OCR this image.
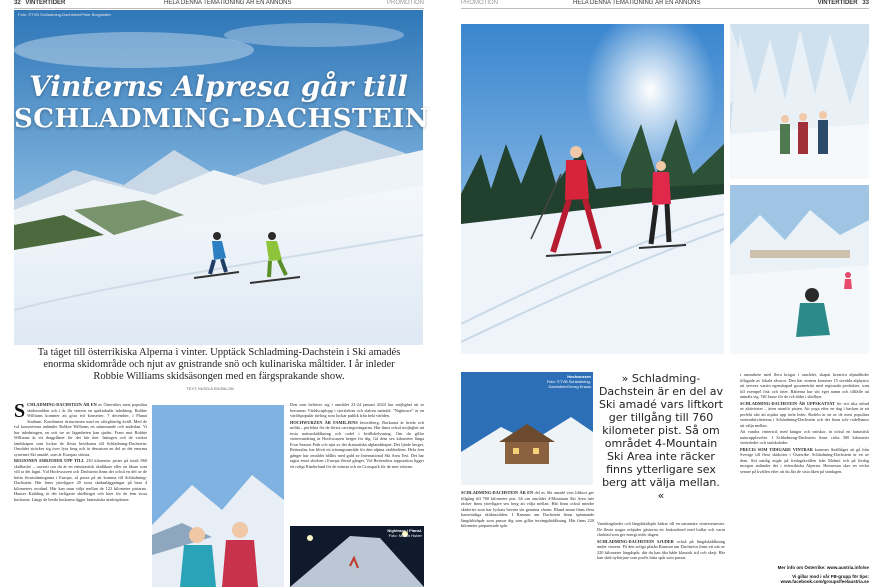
32 VINTERTIDER	HELA DENNA TEMATIONING ÄR EN ANNONS	PROMOTION
Foto: ©TVB Schladming-Dachstein/Peter Burgstaller
Vinterns Alpresa går till
SCHLADMING-DACHSTEIN
Ta táget till österrikiska Alperna i vinter. Upptäck Schladming-Dachstein i Ski amadés enorma skidområde och njut av gnistrande snö och kulinariska måltider. I år inleder Robbie Williams skidsäsongen med en färgsprakande show.
TEXT: INGELA ENGBLOM

SCHLADMING-DACHSTEIN ÄR EN av Österrikes mest populära skidområden och i år får vintern en spektakulär inledning. Robbie Williams kommer att göra två konserter, 7 december, i Planai Stadium. Kombinera skiturismen med en oförglömlig kväll. Med de två konserterna anländer Robbie Williams en stämmande och anderlan. Vi har inledningen, en svit tre av lägenheten kan sjudet. Fram mot Robbie Williams är ett dragplåster för det här året. Intingen och de vackra landskapen som lockar de flesta besökarna till Schladming-Dachstein. Området sträcker sig över fyra berg och är dessutom en del av det enorma systemet Ski amadé, som är Europas största.

REGIONEN ERBJUDER UPP TILL 230 kilometer pister på totalt 860 skidbacke – oavsett om du är en entusiastisk skidåkare eller en åkare som vill ta det lugnt. Vid Hochwurzen och Dachstein finns det också en del av de bästa förutsättningarna i Europa, så passa på att komma till Schladming-Dachstein. Här finns ytterligare 20 stora skidanläggningar på bara 4 kilometers avstånd. Här kan man välja mellan de 123 kilometer pistarna. Hauser Kaibling är det farligaste skidberget och köer för de fem stora backarna. Längs de breda backarna ligger fantastiska utsiktsplatser.

Den som behöver sig i området 23-24 januari 2024 har möjlighet att se herrarnas Världscuplopp i storslalom och slalom nattetid. "Nightrace" är en världspopulär tävling som lockar publik från hela världen.

HOCHWURZEN ÄR FAMILJENS favoritberg. Backarna är breda och milda – perfekta för de första carvingsvängarna. Här finns också möjlighet att testa natturskidåkning och rodel i kvällsbelysning. Om du gillar vintervandring är Hochwurzen berget för dig. Gå dem sex kilometer långa Four Season Path och njut av det dramatiska alplandskapet. Det fjärde berget, Reiteralm, har blivit ett träningsområde för den alpina världseliten. Hela fem gånger har området hållits med guld av International Ski Area Test. Det har tagits emot skidorn i Europa flertal gånger. Vid Reiteralms toppstation ligger ett roligt Kinderland för de minsta och en Crosspark för de mer erfarna.

Nightrace i Planai.
Foto: Martin Huber
PROMOTION	HELA DENNA TEMATIONING ÄR EN ANNONS	VINTERTIDER 33
Hochwurzen
Foto: ©TVB Schladming-Dachstein/Georg Knaus
» Schladming-Dachstein är en del av Ski amadé vars liftkort ger tillgång till 760 kilometer pist. Så om området 4-Mountain Ski Area inte räcker finns ytterligare sex berg att välja mellan. «

SCHLADMING-DACHSTEIN ÄR EN del av Ski amadé vars liftkort ger tillgång till 760 kilometer pist. Så om området 4-Mountain Ski Area inte räcker finns ytterligare sex berg att välja mellan. Här finns också mindre skidorter som har lyckats bevara sin genuina charm. Bland annat finns flera barnvänliga skidområden. I Ramsau am Dachstein finns spännande längdskidspår som passar dig som gillar terrängskidåkning. Här finns 220 kilometer preparerade spår.	Vandringsleder och längdskidspår bidrar till en naturnära vintersemester. De flesta stugor erbjuder gästerna ett frukostbord med bullar och varm choklad som ger energi inför dagen.

SCHLADMING-DACHSTEIN SJUDER också på längdskidåkning under vintern. På den soliga platån Ramsau am Dachstein finns ett nät av 220 kilometer längdspår, där du kan åka både klassisk stil och skejt. Här kan skid nybörjare som proffs hitta spår som passar.

i samarbete med flera krogar i området, skapat kreativa alpmåltider tillagade av lokala råvaror. Den här vintern kommer 15 utvalda alphyttor att servera varsin egenskapad gourmeträtt med regionala produkter, som till exempel fisk och örter. Rätterna har sitt eget namn och tillfälle att anmäla sig. Till Jause för de två äldre i skidbyn.

SCHLADMING-DACHSTEIN ÄR UPPSKATTAT för sitt rika utbud av aktiviteter – även utanför pisten. Att yoga efter en dag i backen är ett perfekt sätt att mjuka upp stela leder. Rodeln är en av de mest populära vinteraktiviteterna i Schladming-Dachstein och det finns tolv rodelbanor att välja mellan.

Att vandra vinterstil, med kängor och snöskor, är också en fantastisk naturupplevelse. I Schladming-Dachstein finns cirka 300 kilometer vinterleder och snöskoleder.

PRECIS SOM TIDIGARE VINTRAR kommer Snälltåget att gå från Sverige till flera skidorter i Österrike. Schladming-Dachstein är en av dem. Sitt nattåg avgår på fredagskvällen från Malmö och på lördag morgon anländer det i österrikiska Alperna. Hemresan sker en vecka senare på kvällen efter att du åkt de sista åken på söndagen.

Mer info om Österrike: www.austria.info/se
Vi gillar mod i vår FB-grupp för tips: www.facebook.com/groups/feelaustria.se
